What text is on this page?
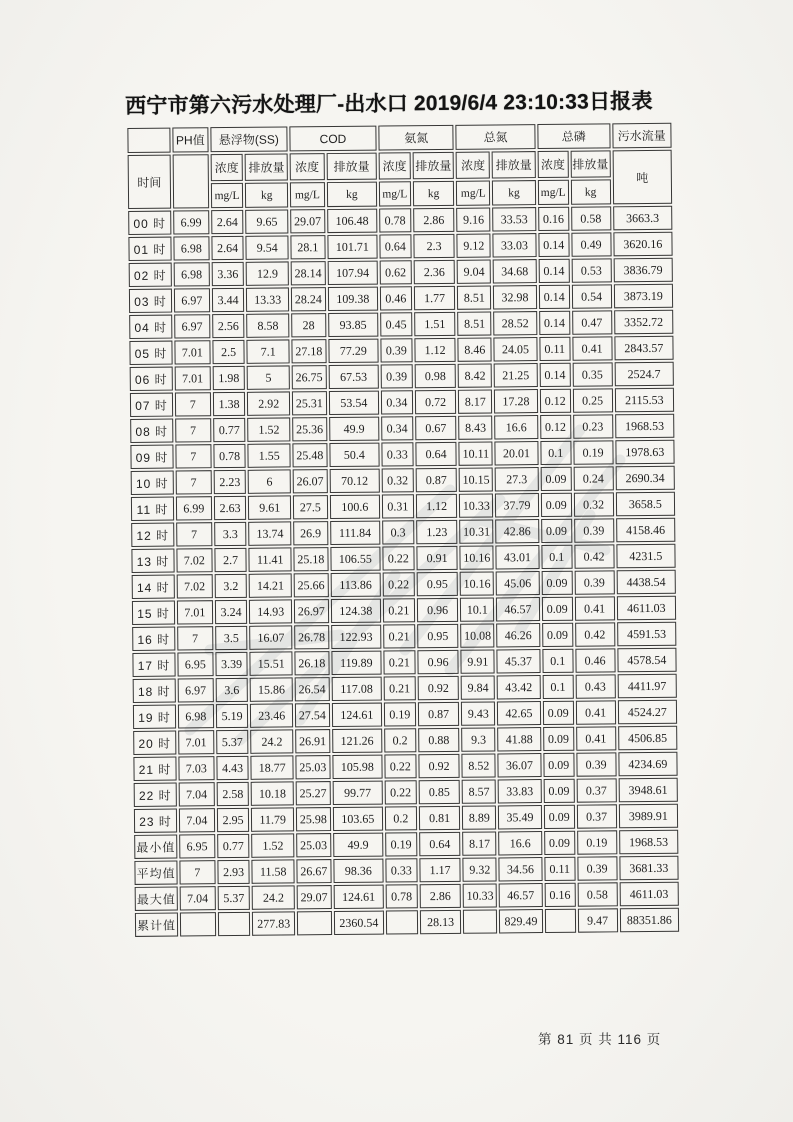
西宁市第六污水处理厂-出水口 2019/6/4 23:10:33日报表
	PH值	悬浮物(SS)		COD		氨氮		总氮		总磷		污水流量
时间		浓度	排放量	浓度	排放量	浓度	排放量	浓度	排放量	浓度	排放量	吨
		mg/L	kg	mg/L	kg	mg/L	kg	mg/L	kg	mg/L	kg	
00 时	6.99	2.64	9.65	29.07	106.48	0.78	2.86	9.16	33.53	0.16	0.58	3663.3
01 时	6.98	2.64	9.54	28.1	101.71	0.64	2.3	9.12	33.03	0.14	0.49	3620.16
02 时	6.98	3.36	12.9	28.14	107.94	0.62	2.36	9.04	34.68	0.14	0.53	3836.79
03 时	6.97	3.44	13.33	28.24	109.38	0.46	1.77	8.51	32.98	0.14	0.54	3873.19
04 时	6.97	2.56	8.58	28	93.85	0.45	1.51	8.51	28.52	0.14	0.47	3352.72
05 时	7.01	2.5	7.1	27.18	77.29	0.39	1.12	8.46	24.05	0.11	0.41	2843.57
06 时	7.01	1.98	5	26.75	67.53	0.39	0.98	8.42	21.25	0.14	0.35	2524.7
07 时	7	1.38	2.92	25.31	53.54	0.34	0.72	8.17	17.28	0.12	0.25	2115.53
08 时	7	0.77	1.52	25.36	49.9	0.34	0.67	8.43	16.6	0.12	0.23	1968.53
09 时	7	0.78	1.55	25.48	50.4	0.33	0.64	10.11	20.01	0.1	0.19	1978.63
10 时	7	2.23	6	26.07	70.12	0.32	0.87	10.15	27.3	0.09	0.24	2690.34
11 时	6.99	2.63	9.61	27.5	100.6	0.31	1.12	10.33	37.79	0.09	0.32	3658.5
12 时	7	3.3	13.74	26.9	111.84	0.3	1.23	10.31	42.86	0.09	0.39	4158.46
13 时	7.02	2.7	11.41	25.18	106.55	0.22	0.91	10.16	43.01	0.1	0.42	4231.5
14 时	7.02	3.2	14.21	25.66	113.86	0.22	0.95	10.16	45.06	0.09	0.39	4438.54
15 时	7.01	3.24	14.93	26.97	124.38	0.21	0.96	10.1	46.57	0.09	0.41	4611.03
16 时	7	3.5	16.07	26.78	122.93	0.21	0.95	10.08	46.26	0.09	0.42	4591.53
17 时	6.95	3.39	15.51	26.18	119.89	0.21	0.96	9.91	45.37	0.1	0.46	4578.54
18 时	6.97	3.6	15.86	26.54	117.08	0.21	0.92	9.84	43.42	0.1	0.43	4411.97
19 时	6.98	5.19	23.46	27.54	124.61	0.19	0.87	9.43	42.65	0.09	0.41	4524.27
20 时	7.01	5.37	24.2	26.91	121.26	0.2	0.88	9.3	41.88	0.09	0.41	4506.85
21 时	7.03	4.43	18.77	25.03	105.98	0.22	0.92	8.52	36.07	0.09	0.39	4234.69
22 时	7.04	2.58	10.18	25.27	99.77	0.22	0.85	8.57	33.83	0.09	0.37	3948.61
23 时	7.04	2.95	11.79	25.98	103.65	0.2	0.81	8.89	35.49	0.09	0.37	3989.91
最小值	6.95	0.77	1.52	25.03	49.9	0.19	0.64	8.17	16.6	0.09	0.19	1968.53
平均值	7	2.93	11.58	26.67	98.36	0.33	1.17	9.32	34.56	0.11	0.39	3681.33
最大值	7.04	5.37	24.2	29.07	124.61	0.78	2.86	10.33	46.57	0.16	0.58	4611.03
累计值			277.83		2360.54		28.13		829.49		9.47	88351.86
第 81 页 共 116 页
